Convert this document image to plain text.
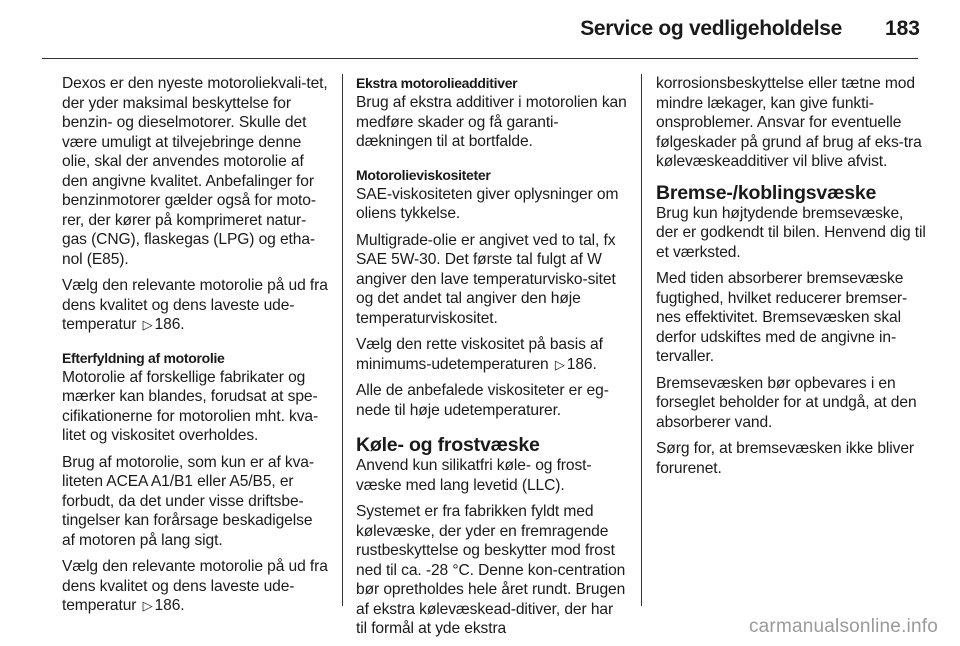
Service og vedligeholdelse 183

Dexos er den nyeste motoroliekvali-tet, der yder maksimal beskyttelse for benzin- og dieselmotorer. Skulle det være umuligt at tilvejebringe denne olie, skal der anvendes motorolie af den angivne kvalitet. Anbefalinger for benzinmotorer gælder også for moto-rer, der kører på komprimeret natur-gas (CNG), flaskegas (LPG) og etha-nol (E85).

Vælg den relevante motorolie på ud fra dens kvalitet og dens laveste ude-temperatur ▷ 186.

Efterfyldning af motorolie

Motorolie af forskellige fabrikater og mærker kan blandes, forudsat at spe-cifikationerne for motorolien mht. kva-litet og viskositet overholdes.

Brug af motorolie, som kun er af kva-liteten ACEA A1/B1 eller A5/B5, er forbudt, da det under visse driftsbe-tingelser kan forårsage beskadigelse af motoren på lang sigt.

Vælg den relevante motorolie på ud fra dens kvalitet og dens laveste ude-temperatur ▷ 186.

Ekstra motorolieadditiver

Brug af ekstra additiver i motorolien kan medføre skader og få garanti-dækningen til at bortfalde.

Motorolieviskositeter

SAE-viskositeten giver oplysninger om oliens tykkelse.

Multigrade-olie er angivet ved to tal, fx SAE 5W-30. Det første tal fulgt af W angiver den lave temperaturvisko-sitet og det andet tal angiver den høje temperaturviskositet.

Vælg den rette viskositet på basis af minimums-udetemperaturen ▷ 186.

Alle de anbefalede viskositeter er eg-nede til høje udetemperaturer.

Køle- og frostvæske

Anvend kun silikatfri køle- og frost-væske med lang levetid (LLC).

Systemet er fra fabrikken fyldt med kølevæske, der yder en fremragende rustbeskyttelse og beskytter mod frost ned til ca. -28 °C. Denne kon-centration bør opretholdes hele året rundt. Brugen af ekstra kølevæskead-ditiver, der har til formål at yde ekstra

korrosionsbeskyttelse eller tætne mod mindre lækager, kan give funkti-onsproblemer. Ansvar for eventuelle følgeskader på grund af brug af eks-tra kølevæskeadditiver vil blive afvist.

Bremse-/koblingsvæske

Brug kun højtydende bremsevæske, der er godkendt til bilen. Henvend dig til et værksted.

Med tiden absorberer bremsevæske fugtighed, hvilket reducerer bremser-nes effektivitet. Bremsevæsken skal derfor udskiftes med de angivne in-tervaller.

Bremsevæsken bør opbevares i en forseglet beholder for at undgå, at den absorberer vand.

Sørg for, at bremsevæsken ikke bliver forurenet.

carmanualsonline.info
